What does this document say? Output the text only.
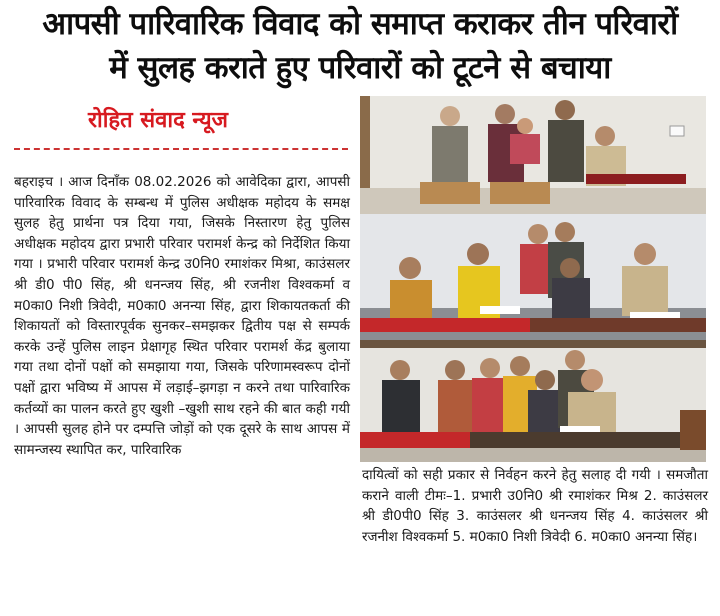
आपसी पारिवारिक विवाद को समाप्त कराकर तीन परिवारों
में सुलह कराते हुए परिवारों को टूटने से बचाया
रोहित संवाद न्यूज
बहराइच । आज दिनाँक 08.02.2026 को आवेदिका द्वारा, आपसी पारिवारिक विवाद के सम्बन्ध में पुलिस अधीक्षक महोदय के समक्ष सुलह हेतु प्रार्थना पत्र दिया गया, जिसके निस्तारण हेतु पुलिस अधीक्षक महोदय द्वारा प्रभारी परिवार परामर्श केन्द्र को निर्देशित किया गया । प्रभारी परिवार परामर्श केन्द्र उ0नि0 रमाशंकर मिश्रा, काउंसलर श्री डी0 पी0 सिंह, श्री धनन्जय सिंह, श्री रजनीश विश्वकर्मा व म0का0 निशी त्रिवेदी, म0का0 अनन्या सिंह, द्वारा शिकायतकर्ता की शिकायतों को विस्तारपूर्वक सुनकर–समझकर द्वितीय पक्ष से सम्पर्क करके उन्हें पुलिस लाइन प्रेक्षागृह स्थित परिवार परामर्श केंद्र बुलाया गया तथा दोनों पक्षों को समझाया गया, जिसके परिणामस्वरूप दोनों पक्षों द्वारा भविष्य में आपस में लड़ाई–झगड़ा न करने तथा पारिवारिक कर्तव्यों का पालन करते हुए खुशी –खुशी साथ रहने की बात कही गयी । आपसी सुलह होने पर दम्पत्ति जोड़ों को एक दूसरे के साथ आपस में सामन्जस्य स्थापित कर, पारिवारिक
दायित्वों को सही प्रकार से निर्वहन करने हेतु सलाह दी गयी । समजौता कराने वाली टीमः–1. प्रभारी उ0नि0 श्री रमाशंकर मिश्र 2. काउंसलर श्री डी0पी0 सिंह 3. काउंसलर श्री धनन्जय सिंह 4. काउंसलर श्री रजनीश विश्वकर्मा 5. म0का0 निशी त्रिवेदी 6. म0का0 अनन्या सिंह।
